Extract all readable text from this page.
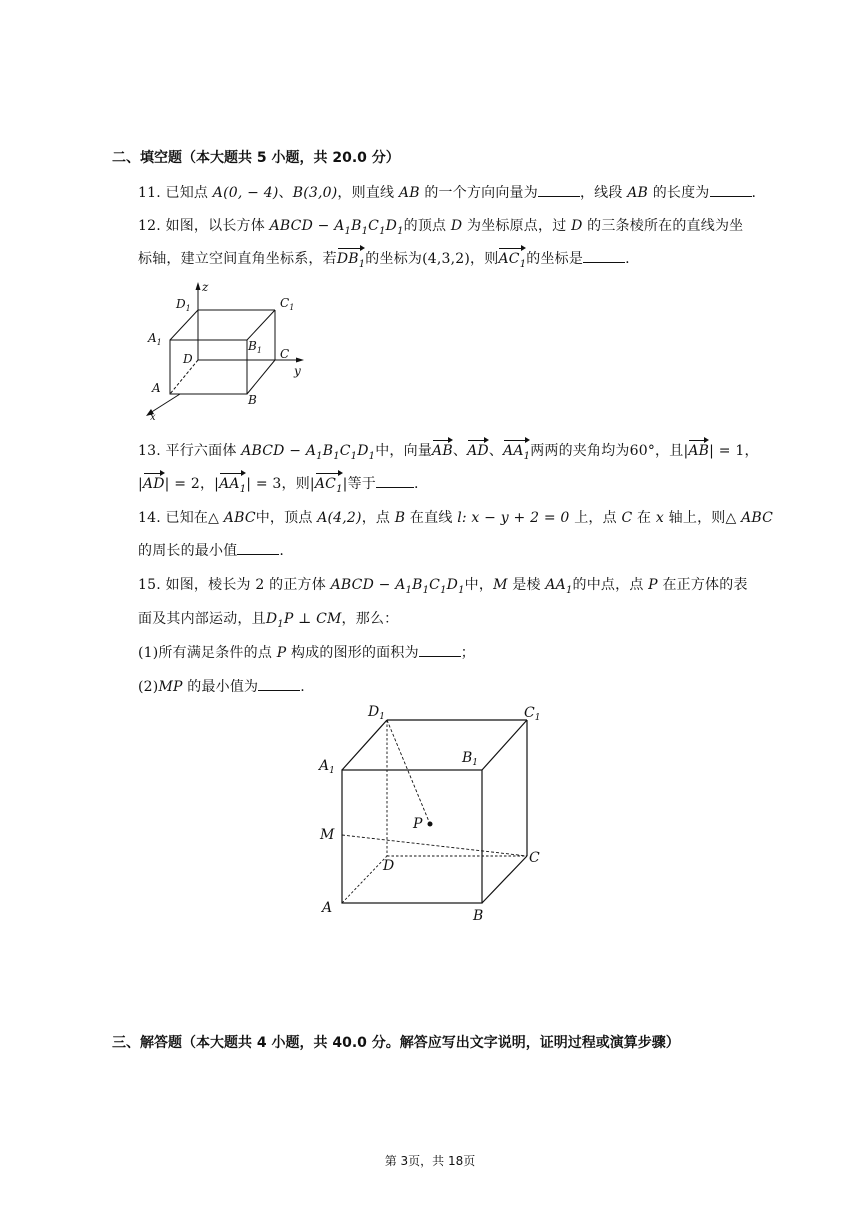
二、填空题（本大题共 5 小题，共 20.0 分）
11. 已知点 A(0, − 4)、B(3,0)，则直线 AB 的一个方向向量为	，线段 AB 的长度为	.
12. 如图，以长方体 ABCD − $A_1B_1C_1D_1$的顶点 D 为坐标原点，过 D 的三条棱所在的直线为坐
标轴，建立空间直角坐标系，若$DB_1$的坐标为(4,3,2)，则$AC_1$的坐标是	.
z
$D_1$	$C_1$
$A_1$	$B_1$
D	C
y
A
B
x
13. 平行六面体 ABCD − $A_1B_1C_1D_1$中，向量AB、AD、$AA_1$两两的夹角均为60°，且|AB| = 1，
|AD| = 2，$|AA_1| = 3$，则$|AC_1|$等于	.
14. 已知在△ ABC中，顶点 A(4,2)，点 B 在直线 l: x − y + 2 = 0 上，点 C 在 x 轴上，则△ ABC
的周长的最小值	.
15. 如图，棱长为 2 的正方体 ABCD − $A_1B_1C_1D_1$中，M 是棱 $AA_1$的中点，点 P 在正方体的表
面及其内部运动，且$D_1P$ ⊥ CM，那么：
(1)所有满足条件的点 P 构成的图形的面积为	；
(2)MP 的最小值为	.
$D_1$	$C_1$
$A_1$
$B_1$
P
M
D	C
A	B
三、解答题（本大题共 4 小题，共 40.0 分。解答应写出文字说明，证明过程或演算步骤）
第 3页，共 18页
